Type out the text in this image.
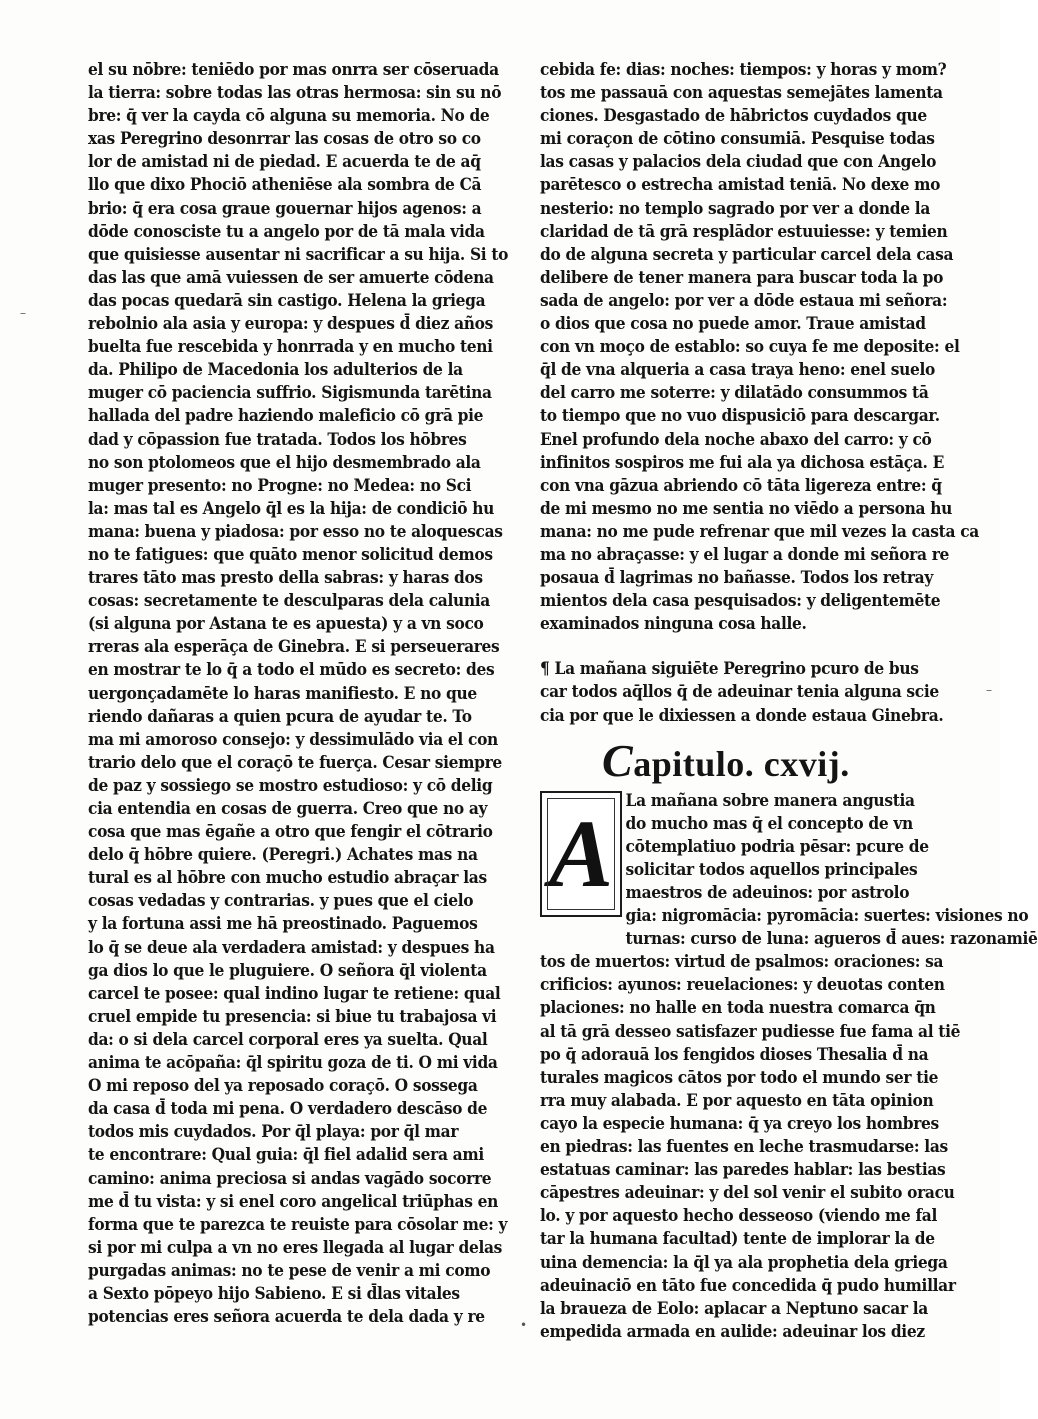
el su nōbre: teniēdo por mas onrra ser cōseruada
la tierra: sobre todas las otras hermosa: sin su nō
bre: q̄ ver la cayda cō alguna su memoria. No de
xas Peregrino desonrrar las cosas de otro so co
lor de amistad ni de piedad. E acuerda te de aq̄
llo que dixo Phociō atheniēse ala sombra de Cā
brio: q̄ era cosa graue gouernar hijos agenos: a
dōde conosciste tu a angelo por de tā mala vida
que quisiesse ausentar ni sacrificar a su hija. Si to
das las que amā vuiessen de ser amuerte cōdena
das pocas quedarā sin castigo. Helena la griega
rebolnio ala asia y europa: y despues d̄ diez años
buelta fue rescebida y honrrada y en mucho teni
da. Philipo de Macedonia los adulterios de la
muger cō paciencia suffrio. Sigismunda tarētina
hallada del padre haziendo maleficio cō grā pie
dad y cōpassion fue tratada. Todos los hōbres
no son ptolomeos que el hijo desmembrado ala
muger presento: no Progne: no Medea: no Sci
la: mas tal es Angelo q̄l es la hija: de condiciō hu
mana: buena y piadosa: por esso no te aloquescas
no te fatigues: que quāto menor solicitud demos
trares tāto mas presto della sabras: y haras dos
cosas: secretamente te desculparas dela calunia
(si alguna por Astana te es apuesta) y a vn soco
rreras ala esperāça de Ginebra. E si perseuerares
en mostrar te lo q̄ a todo el mūdo es secreto: des
uergonçadamēte lo haras manifiesto. E no que
riendo dañaras a quien pcura de ayudar te. To
ma mi amoroso consejo: y dessimulādo via el con
trario delo que el coraçō te fuerça. Cesar siempre
de paz y sossiego se mostro estudioso: y cō delig
cia entendia en cosas de guerra. Creo que no ay
cosa que mas ēgañe a otro que fengir el cōtrario
delo q̄ hōbre quiere. (Peregri.) Achates mas na
tural es al hōbre con mucho estudio abraçar las
cosas vedadas y contrarias. y pues que el cielo
y la fortuna assi me hā preostinado. Paguemos
lo q̄ se deue ala verdadera amistad: y despues ha
ga dios lo que le pluguiere. O señora q̄l violenta
carcel te posee: qual indino lugar te retiene: qual
cruel empide tu presencia: si biue tu trabajosa vi
da: o si dela carcel corporal eres ya suelta. Qual
anima te acōpaña: q̄l spiritu goza de ti. O mi vida
O mi reposo del ya reposado coraçō. O sossega
da casa d̄ toda mi pena. O verdadero descāso de
todos mis cuydados. Por q̄l playa: por q̄l mar
te encontrare: Qual guia: q̄l fiel adalid sera ami
camino: anima preciosa si andas vagādo socorre
me d̄ tu vista: y si enel coro angelical triūphas en
forma que te parezca te reuiste para cōsolar me: y
si por mi culpa a vn no eres llegada al lugar delas
purgadas animas: no te pese de venir a mi como
a Sexto pōpeyo hijo Sabieno. E si d̄las vitales
potencias eres señora acuerda te dela dada y re
cebida fe: dias: noches: tiempos: y horas y mom?
tos me passauā con aquestas semejātes lamenta
ciones. Desgastado de hābrictos cuydados que
mi coraçon de cōtino consumiā. Pesquise todas
las casas y palacios dela ciudad que con Angelo
parētesco o estrecha amistad teniā. No dexe mo
nesterio: no templo sagrado por ver a donde la
claridad de tā grā resplādor estuuiesse: y temien
do de alguna secreta y particular carcel dela casa
delibere de tener manera para buscar toda la po
sada de angelo: por ver a dōde estaua mi señora:
o dios que cosa no puede amor. Traue amistad
con vn moço de establo: so cuya fe me deposite: el
q̄l de vna alqueria a casa traya heno: enel suelo
del carro me soterre: y dilatādo consummos tā
to tiempo que no vuo dispusiciō para descargar.
Enel profundo dela noche abaxo del carro: y cō
infinitos sospiros me fui ala ya dichosa estāça. E
con vna gāzua abriendo cō tāta ligereza entre: q̄
de mi mesmo no me sentia no viēdo a persona hu
mana: no me pude refrenar que mil vezes la casta ca
ma no abraçasse: y el lugar a donde mi señora re
posaua d̄ lagrimas no bañasse. Todos los retray
mientos dela casa pesquisados: y deligentemēte
examinados ninguna cosa halle.
¶ La mañana siguiēte Peregrino pcuro de bus
car todos aq̄llos q̄ de adeuinar tenia alguna scie
cia por que le dixiessen a donde estaua Ginebra.
Capitulo. cxvij.
A
La mañana sobre manera angustia
do mucho mas q̄ el concepto de vn
cōtemplatiuo podria pēsar: pcure de
solicitar todos aquellos principales
maestros de adeuinos: por astrolo
gia: nigromācia: pyromācia: suertes: visiones no
turnas: curso de luna: agueros d̄ aues: razonamiē
tos de muertos: virtud de psalmos: oraciones: sa
crificios: ayunos: reuelaciones: y deuotas conten
placiones: no halle en toda nuestra comarca q̄n
al tā grā desseo satisfazer pudiesse fue fama al tiē
po q̄ adorauā los fengidos dioses Thesalia d̄ na
turales magicos cātos por todo el mundo ser tie
rra muy alabada. E por aquesto en tāta opinion
cayo la especie humana: q̄ ya creyo los hombres
en piedras: las fuentes en leche trasmudarse: las
estatuas caminar: las paredes hablar: las bestias
cāpestres adeuinar: y del sol venir el subito oracu
lo. y por aquesto hecho desseoso (viendo me fal
tar la humana facultad) tente de implorar la de
uina demencia: la q̄l ya ala prophetia dela griega
adeuinaciō en tāto fue concedida q̄ pudo humillar
la braueza de Eolo: aplacar a Neptuno sacar la
empedida armada en aulide: adeuinar los diez
–
–
•
